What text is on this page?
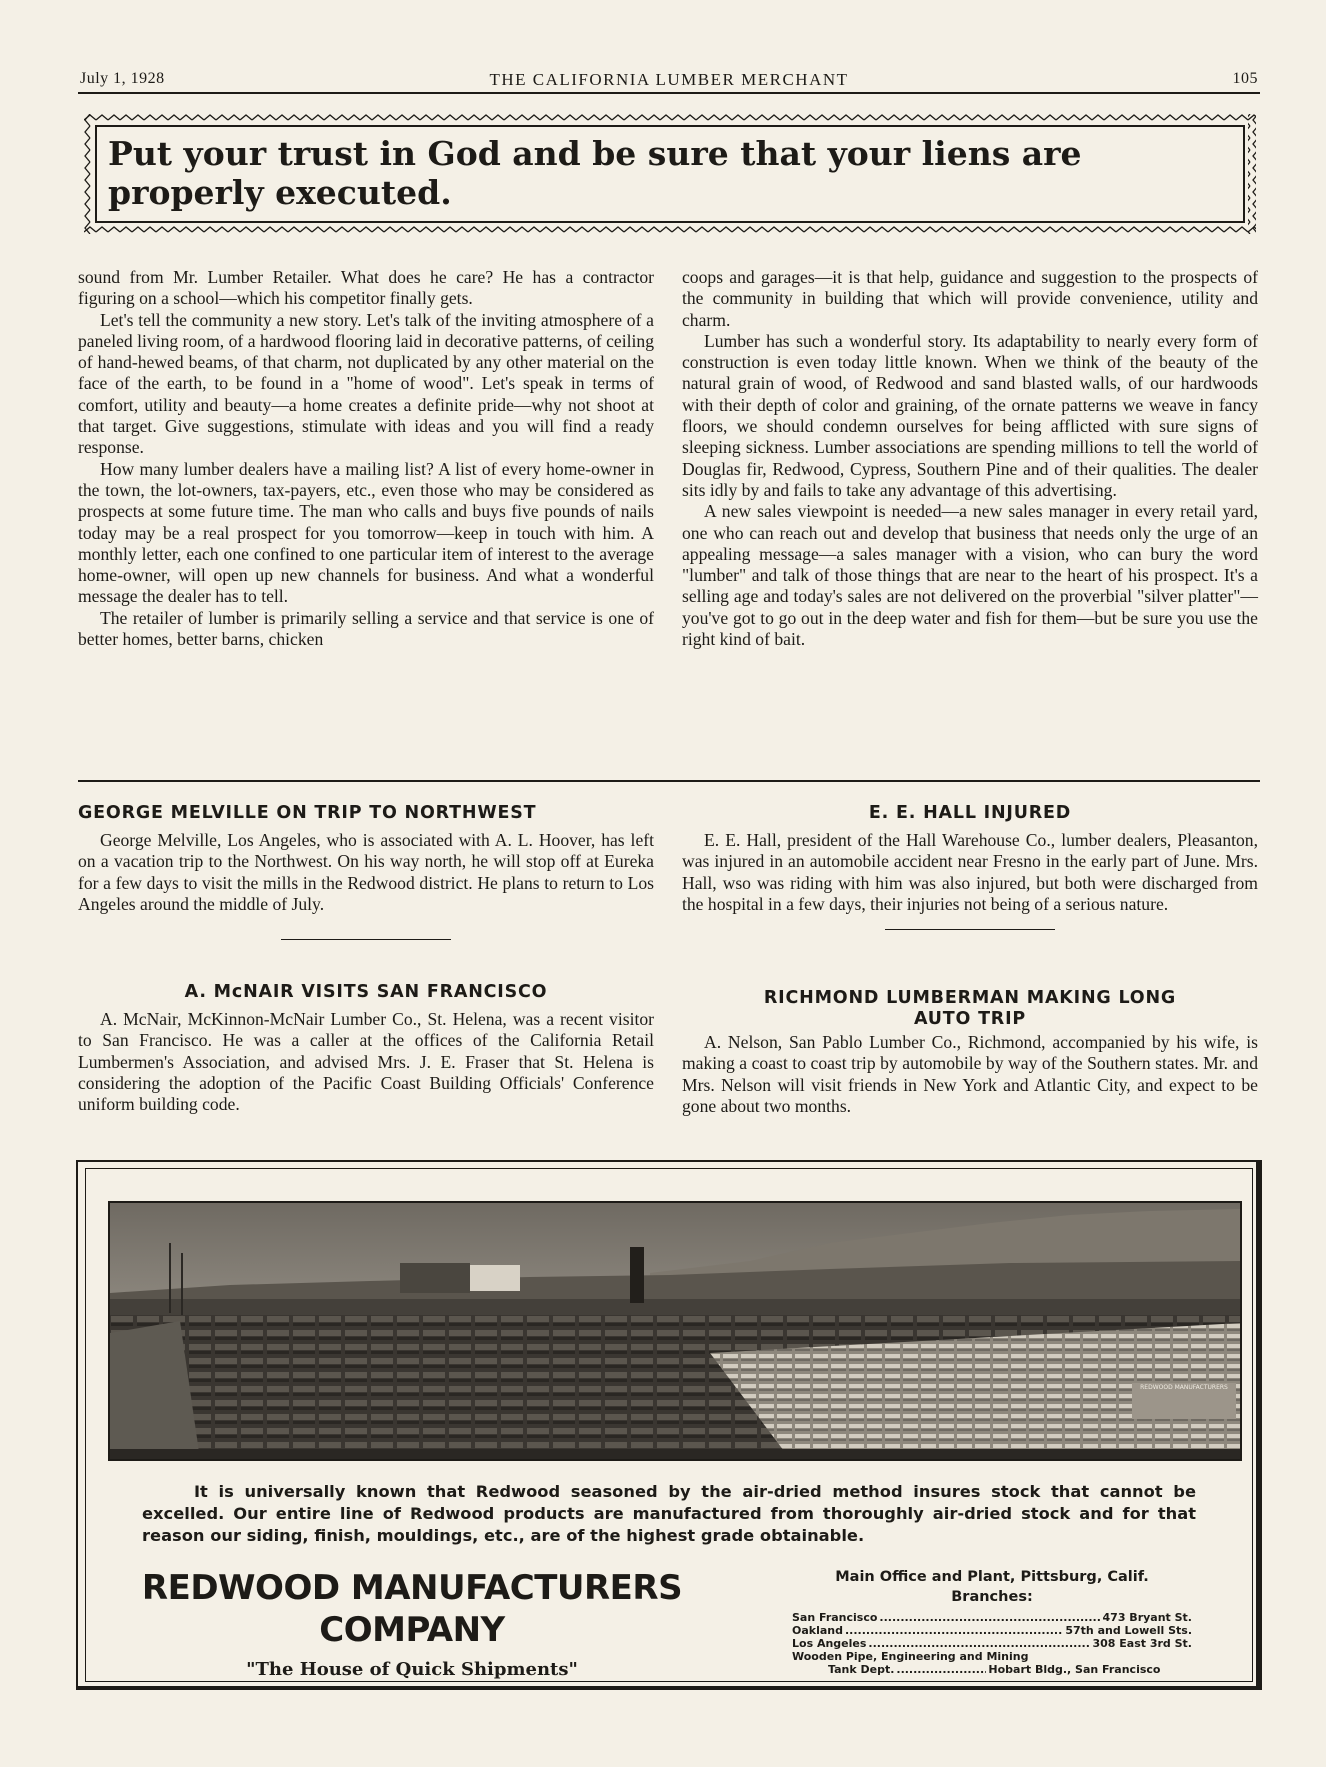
July 1, 1928	THE CALIFORNIA LUMBER MERCHANT	105
Put your trust in God and be sure that your liens are properly executed.

sound from Mr. Lumber Retailer. What does he care? He has a contractor figuring on a school—which his competitor finally gets.

Let's tell the community a new story. Let's talk of the inviting atmosphere of a paneled living room, of a hardwood flooring laid in decorative patterns, of ceiling of hand-hewed beams, of that charm, not duplicated by any other material on the face of the earth, to be found in a "home of wood". Let's speak in terms of comfort, utility and beauty—a home creates a definite pride—why not shoot at that target. Give suggestions, stimulate with ideas and you will find a ready response.

How many lumber dealers have a mailing list? A list of every home-owner in the town, the lot-owners, tax-payers, etc., even those who may be considered as prospects at some future time. The man who calls and buys five pounds of nails today may be a real prospect for you tomorrow—keep in touch with him. A monthly letter, each one confined to one particular item of interest to the average home-owner, will open up new channels for business. And what a wonderful message the dealer has to tell.

The retailer of lumber is primarily selling a service and that service is one of better homes, better barns, chicken

coops and garages—it is that help, guidance and suggestion to the prospects of the community in building that which will provide convenience, utility and charm.

Lumber has such a wonderful story. Its adaptability to nearly every form of construction is even today little known. When we think of the beauty of the natural grain of wood, of Redwood and sand blasted walls, of our hardwoods with their depth of color and graining, of the ornate patterns we weave in fancy floors, we should condemn ourselves for being afflicted with sure signs of sleeping sickness. Lumber associations are spending millions to tell the world of Douglas fir, Redwood, Cypress, Southern Pine and of their qualities. The dealer sits idly by and fails to take any advantage of this advertising.

A new sales viewpoint is needed—a new sales manager in every retail yard, one who can reach out and develop that business that needs only the urge of an appealing message—a sales manager with a vision, who can bury the word "lumber" and talk of those things that are near to the heart of his prospect. It's a selling age and today's sales are not delivered on the proverbial "silver platter"—you've got to go out in the deep water and fish for them—but be sure you use the right kind of bait.

GEORGE MELVILLE ON TRIP TO NORTHWEST

George Melville, Los Angeles, who is associated with A. L. Hoover, has left on a vacation trip to the Northwest. On his way north, he will stop off at Eureka for a few days to visit the mills in the Redwood district. He plans to return to Los Angeles around the middle of July.

E. E. HALL INJURED

E. E. Hall, president of the Hall Warehouse Co., lumber dealers, Pleasanton, was injured in an automobile accident near Fresno in the early part of June. Mrs. Hall, wso was riding with him was also injured, but both were discharged from the hospital in a few days, their injuries not being of a serious nature.

A. McNAIR VISITS SAN FRANCISCO

A. McNair, McKinnon-McNair Lumber Co., St. Helena, was a recent visitor to San Francisco. He was a caller at the offices of the California Retail Lumbermen's Association, and advised Mrs. J. E. Fraser that St. Helena is considering the adoption of the Pacific Coast Building Officials' Conference uniform building code.

RICHMOND LUMBERMAN MAKING LONG AUTO TRIP

A. Nelson, San Pablo Lumber Co., Richmond, accompanied by his wife, is making a coast to coast trip by automobile by way of the Southern states. Mr. and Mrs. Nelson will visit friends in New York and Atlantic City, and expect to be gone about two months.

REDWOOD MANUFACTURERS
It is universally known that Redwood seasoned by the air-dried method insures stock that cannot be excelled. Our entire line of Redwood products are manufactured from thoroughly air-dried stock and for that reason our siding, finish, mouldings, etc., are of the highest grade obtainable.
REDWOOD MANUFACTURERS
COMPANY
"The House of Quick Shipments"
Main Office and Plant, Pittsburg, Calif.
Branches:
San Francisco .....	473 Bryant St.
Oakland .....	57th and Lowell Sts.
Los Angeles .....	308 East 3rd St.
Wooden Pipe, Engineering and Mining
Tank Dept. .....	Hobart Bldg., San Francisco
